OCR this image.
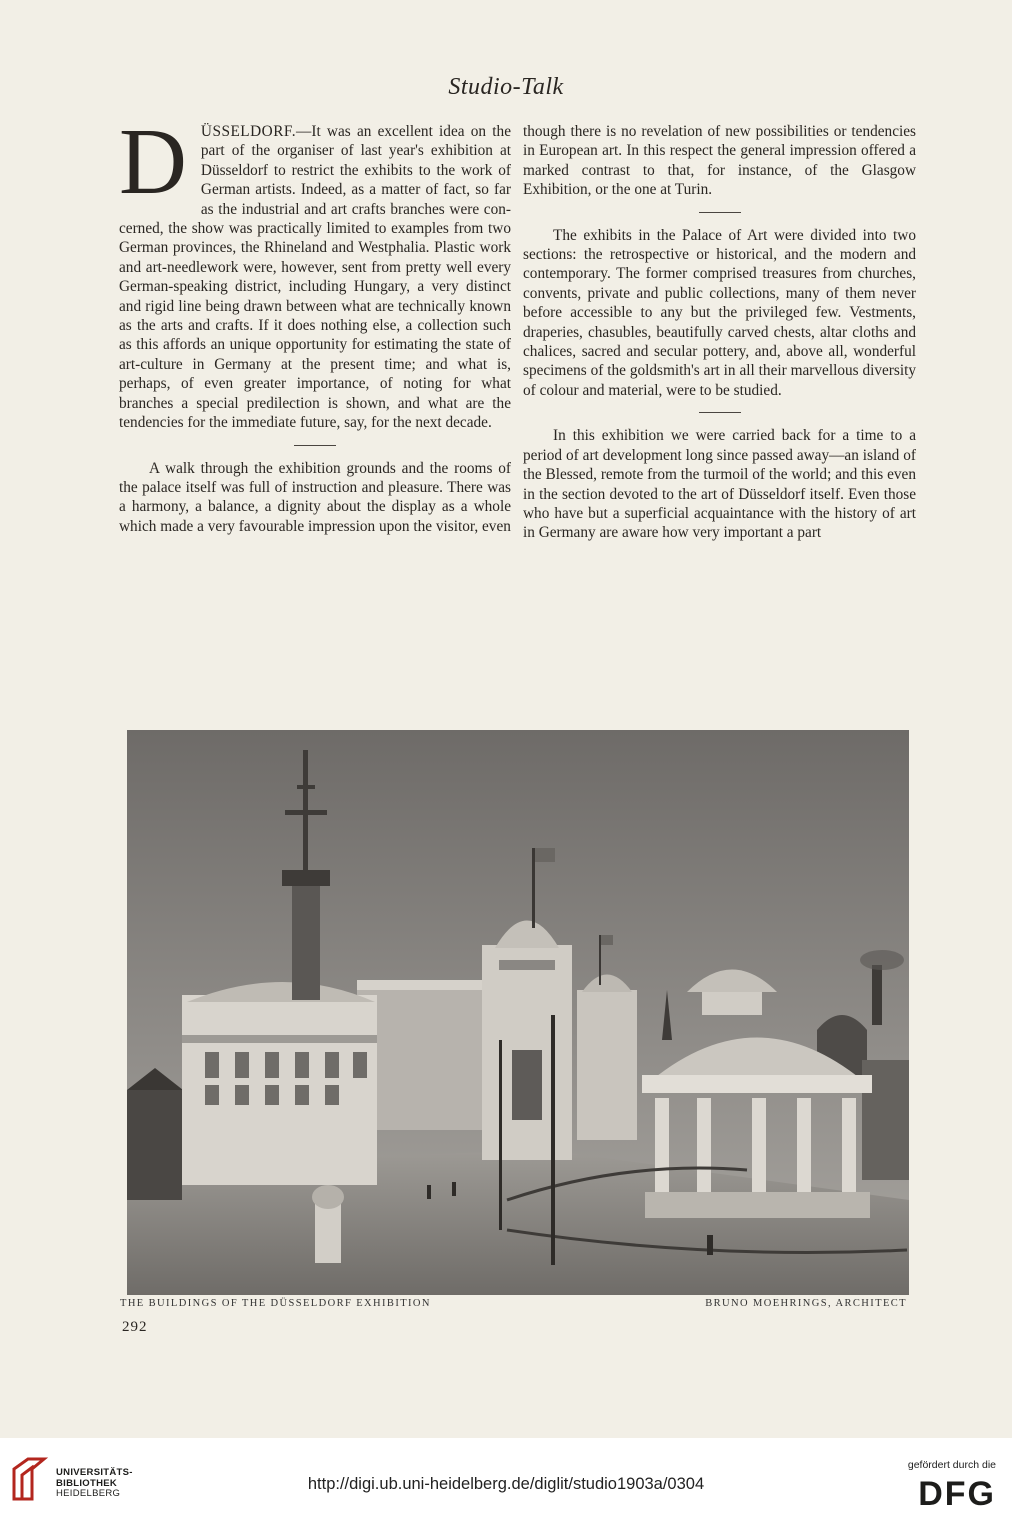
Studio-Talk

DÜSSELDORF.—It was an excellent idea on the part of the organiser of last year's exhibition at Düsseldorf to restrict the exhibits to the work of German artists. Indeed, as a matter of fact, so far as the industrial and art crafts branches were concerned, the show was practically limited to examples from two German provinces, the Rhineland and Westphalia. Plastic work and art-needlework were, however, sent from pretty well every German-speaking district, including Hungary, a very distinct and rigid line being drawn between what are technically known as the arts and crafts. If it does nothing else, a collection such as this affords an unique opportunity for estimating the state of art-culture in Germany at the present time; and what is, perhaps, of even greater importance, of noting for what branches a special predilection is shown, and what are the tendencies for the immediate future, say, for the next decade.

A walk through the exhibition grounds and the rooms of the palace itself was full of instruction and pleasure. There was a harmony, a balance, a dignity about the display as a whole which made a very favourable impression upon the visitor, even

though there is no revelation of new possibilities or tendencies in European art. In this respect the general impression offered a marked contrast to that, for instance, of the Glasgow Exhibition, or the one at Turin.

The exhibits in the Palace of Art were divided into two sections: the retrospective or historical, and the modern and contemporary. The former comprised treasures from churches, convents, private and public collections, many of them never before accessible to any but the privileged few. Vestments, draperies, chasubles, beautifully carved chests, altar cloths and chalices, sacred and secular pottery, and, above all, wonderful specimens of the goldsmith's art in all their marvellous diversity of colour and material, were to be studied.

In this exhibition we were carried back for a time to a period of art development long since passed away—an island of the Blessed, remote from the turmoil of the world; and this even in the section devoted to the art of Düsseldorf itself. Even those who have but a superficial acquaintance with the history of art in Germany are aware how very important a part

THE BUILDINGS OF THE DÜSSELDORF EXHIBITION	BRUNO MOEHRINGS, ARCHITECT
292
UNIVERSITÄTS-
BIBLIOTHEK
HEIDELBERG
http://digi.ub.uni-heidelberg.de/diglit/studio1903a/0304
gefördert durch die
DFG
